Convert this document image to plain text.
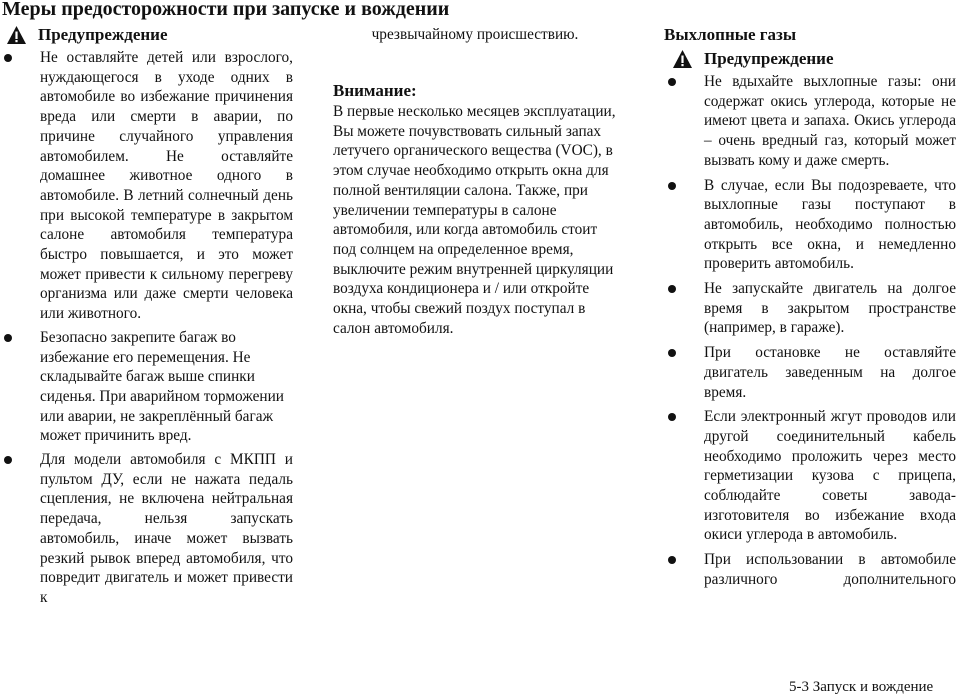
Меры предосторожности при запуске и вождении
Предупреждение
Не оставляйте детей или взрослого, нуждающегося в уходе одних в автомобиле во избежание причинения вреда или смерти в аварии, по причине случайного управления автомобилем. Не оставляйте домашнее животное одного в автомобиле. В летний солнечный день при высокой температуре в закрытом салоне автомобиля температура быстро повышается, и это может может привести к сильному перегреву организма или даже смерти человека или животного.
Безопасно закрепите багаж во избежание его перемещения. Не складывайте багаж выше спинки сиденья. При аварийном торможении или аварии, не закреплённый багаж может причинить вред.
Для модели автомобиля с МКПП и пультом ДУ, если не нажата педаль сцепления, не включена нейтральная передача, нельзя запускать автомобиль, иначе может вызвать резкий рывок вперед автомобиля, что повредит двигатель и может привести к

чрезвычайному происшествию.

Внимание:

В первые несколько месяцев эксплуатации, Вы можете почувствовать сильный запах летучего органического вещества (VOC), в этом случае необходимо открыть окна для полной вентиляции салона. Также, при увеличении температуры в салоне автомобиля, или когда автомобиль стоит под солнцем на определенное время, выключите режим внутренней циркуляции воздуха кондиционера и / или откройте окна, чтобы свежий поздух поступал в салон автомобиля.

Выхлопные газы
Предупреждение
Не вдыхайте выхлопные газы: они содержат окись углерода, которые не имеют цвета и запаха. Окись углерода – очень вредный газ, который может вызвать кому и даже смерть.
В случае, если Вы подозреваете, что выхлопные газы поступают в автомобиль, необходимо полностью открыть все окна, и немедленно проверить автомобиль.
Не запускайте двигатель на долгое время в закрытом пространстве (например, в гараже).
При остановке не оставляйте двигатель заведенным на долгое время.
Если электронный жгут проводов или другой соединительный кабель необходимо проложить через место герметизации кузова с прицепа, соблюдайте советы завода-изготовителя во избежание входа окиси углерода в автомобиль.
При использовании в автомобиле различного дополнительного
5-3 Запуск и вождение
